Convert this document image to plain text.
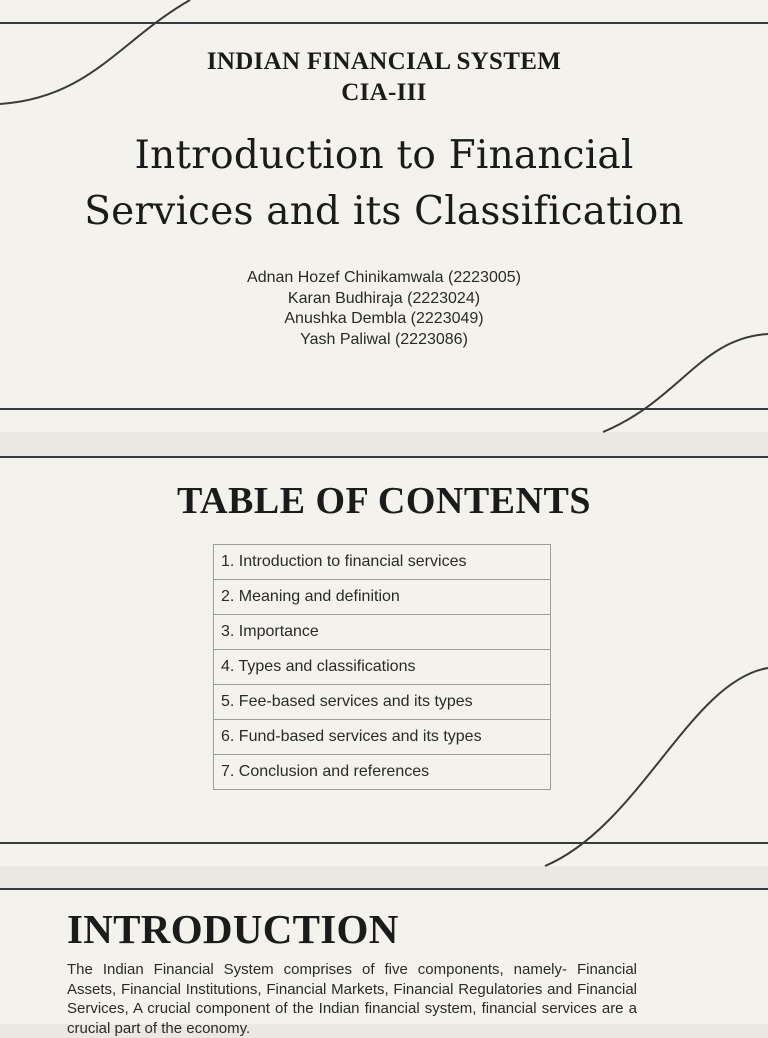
INDIAN FINANCIAL SYSTEM
CIA-III
Introduction to Financial
Services and its Classification
Adnan Hozef Chinikamwala (2223005)
Karan Budhiraja (2223024)
Anushka Dembla (2223049)
Yash Paliwal (2223086)
TABLE OF CONTENTS
1. Introduction to financial services
2. Meaning and definition
3. Importance
4. Types and classifications
5. Fee-based services and its types
6. Fund-based services and its types
7. Conclusion and references
INTRODUCTION
The Indian Financial System comprises of five components, namely- Financial Assets, Financial Institutions, Financial Markets, Financial Regulatories and Financial Services, A crucial component of the Indian financial system, financial services are a crucial part of the economy.
